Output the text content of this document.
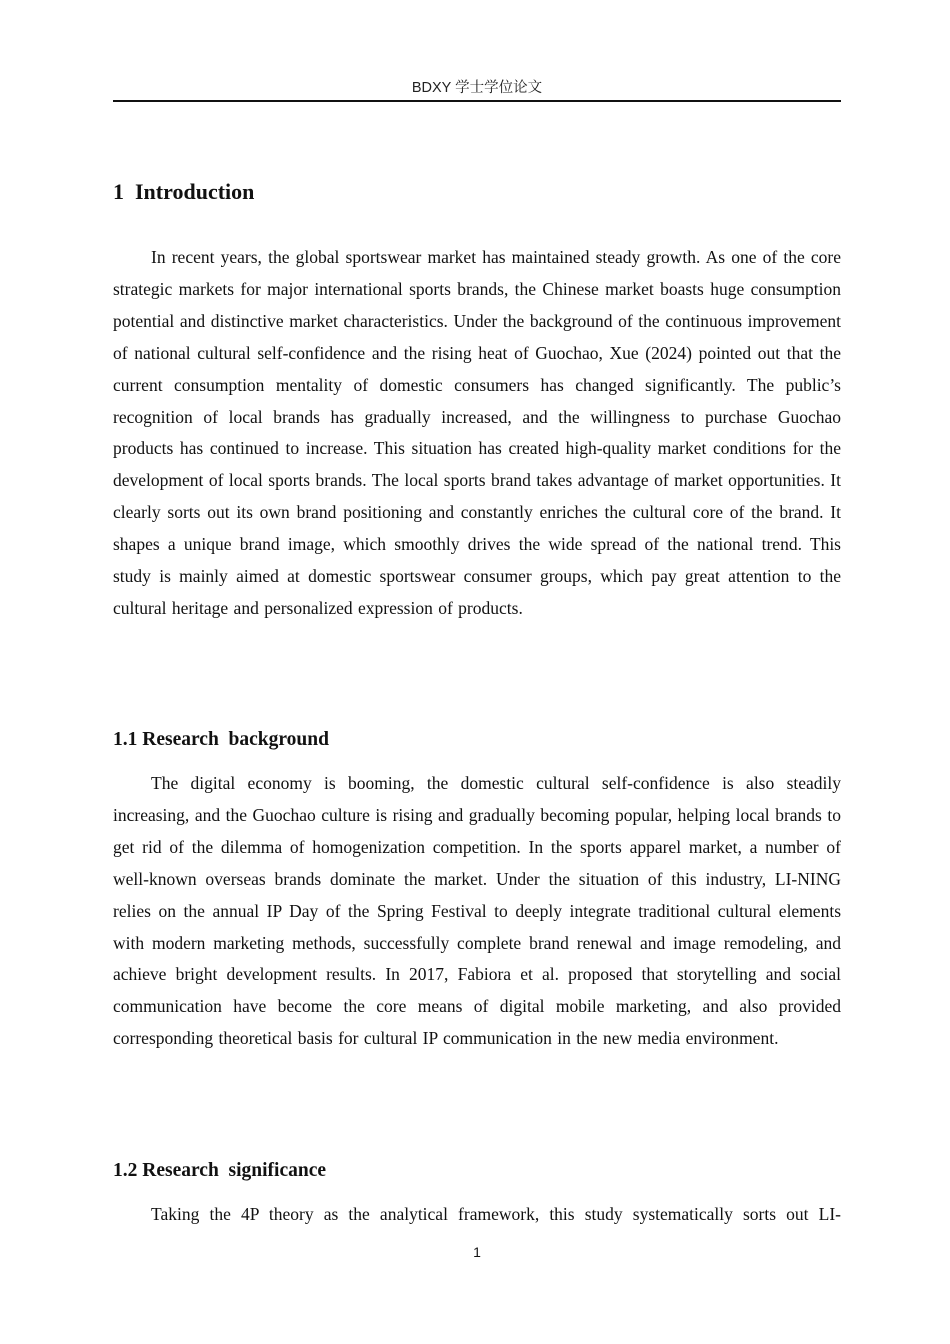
BDXY 学士学位论文
1  Introduction

In recent years, the global sportswear market has maintained steady growth. As one of the core strategic markets for major international sports brands, the Chinese market boasts huge consumption potential and distinctive market characteristics. Under the background of the continuous improvement of national cultural self-confidence and the rising heat of Guochao, Xue (2024) pointed out that the current consumption mentality of domestic consumers has changed significantly. The public’s recognition of local brands has gradually increased, and the willingness to purchase Guochao products has continued to increase. This situation has created high-quality market conditions for the development of local sports brands. The local sports brand takes advantage of market opportunities. It clearly sorts out its own brand positioning and constantly enriches the cultural core of the brand. It shapes a unique brand image, which smoothly drives the wide spread of the national trend. This study is mainly aimed at domestic sportswear consumer groups, which pay great attention to the cultural heritage and personalized expression of products.

1.1 Research  background

The digital economy is booming, the domestic cultural self-confidence is also steadily increasing, and the Guochao culture is rising and gradually becoming popular, helping local brands to get rid of the dilemma of homogenization competition. In the sports apparel market, a number of well-known overseas brands dominate the market. Under the situation of this industry, LI-NING relies on the annual IP Day of the Spring Festival to deeply integrate traditional cultural elements with modern marketing methods, successfully complete brand renewal and image remodeling, and achieve bright development results. In 2017, Fabiora et al. proposed that storytelling and social communication have become the core means of digital mobile marketing, and also provided corresponding theoretical basis for cultural IP communication in the new media environment.

1.2 Research  significance

Taking the 4P theory as the analytical framework, this study systematically sorts out LI-

1
